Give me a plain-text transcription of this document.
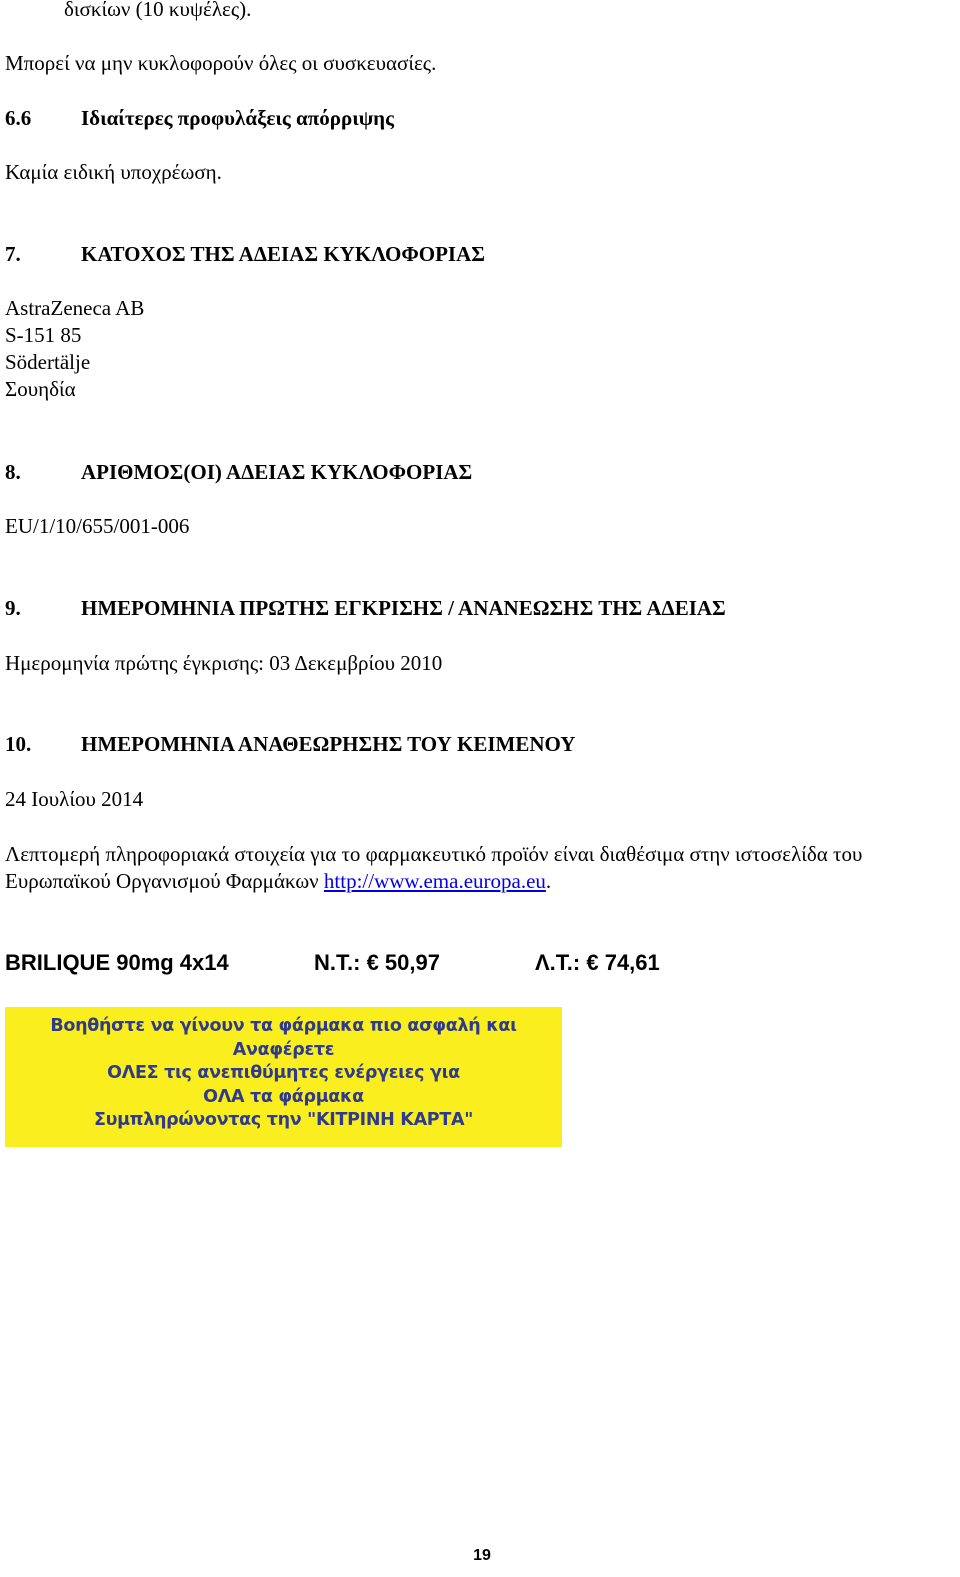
δισκίων (10 κυψέλες).
Μπορεί να μην κυκλοφορούν όλες οι συσκευασίες.
6.6 Ιδιαίτερες προφυλάξεις απόρριψης
Καμία ειδική υποχρέωση.
7.	ΚΑΤΟΧΟΣ ΤΗΣ ΑΔΕΙΑΣ ΚΥΚΛΟΦΟΡΙΑΣ
AstraZeneca AB
S-151 85
Södertälje
Σουηδία
8.	ΑΡΙΘΜΟΣ(ΟΙ) ΑΔΕΙΑΣ ΚΥΚΛΟΦΟΡΙΑΣ
EU/1/10/655/001-006
9.	ΗΜΕΡΟΜΗΝΙΑ ΠΡΩΤΗΣ ΕΓΚΡΙΣΗΣ / ΑΝΑΝΕΩΣΗΣ ΤΗΣ ΑΔΕΙΑΣ
Ημερομηνία πρώτης έγκρισης: 03 Δεκεμβρίου 2010
10. ΗΜΕΡΟΜΗΝΙΑ ΑΝΑΘΕΩΡΗΣΗΣ ΤΟΥ ΚΕΙΜΕΝΟΥ
24 Ιουλίου 2014
Λεπτομερή πληροφοριακά στοιχεία για το φαρμακευτικό προϊόν είναι διαθέσιμα στην ιστοσελίδα του
Ευρωπαϊκού Οργανισμού Φαρμάκων http://www.ema.europa.eu.
BRILIQUE 90mg 4x14	Ν.Τ.: € 50,97	Λ.Τ.: € 74,61
Βοηθήστε να γίνουν τα φάρμακα πιο ασφαλή και
Αναφέρετε
ΟΛΕΣ τις ανεπιθύμητες ενέργειες για
ΟΛΑ τα φάρμακα
Συμπληρώνοντας την "ΚΙΤΡΙΝΗ ΚΑΡΤΑ"
19
